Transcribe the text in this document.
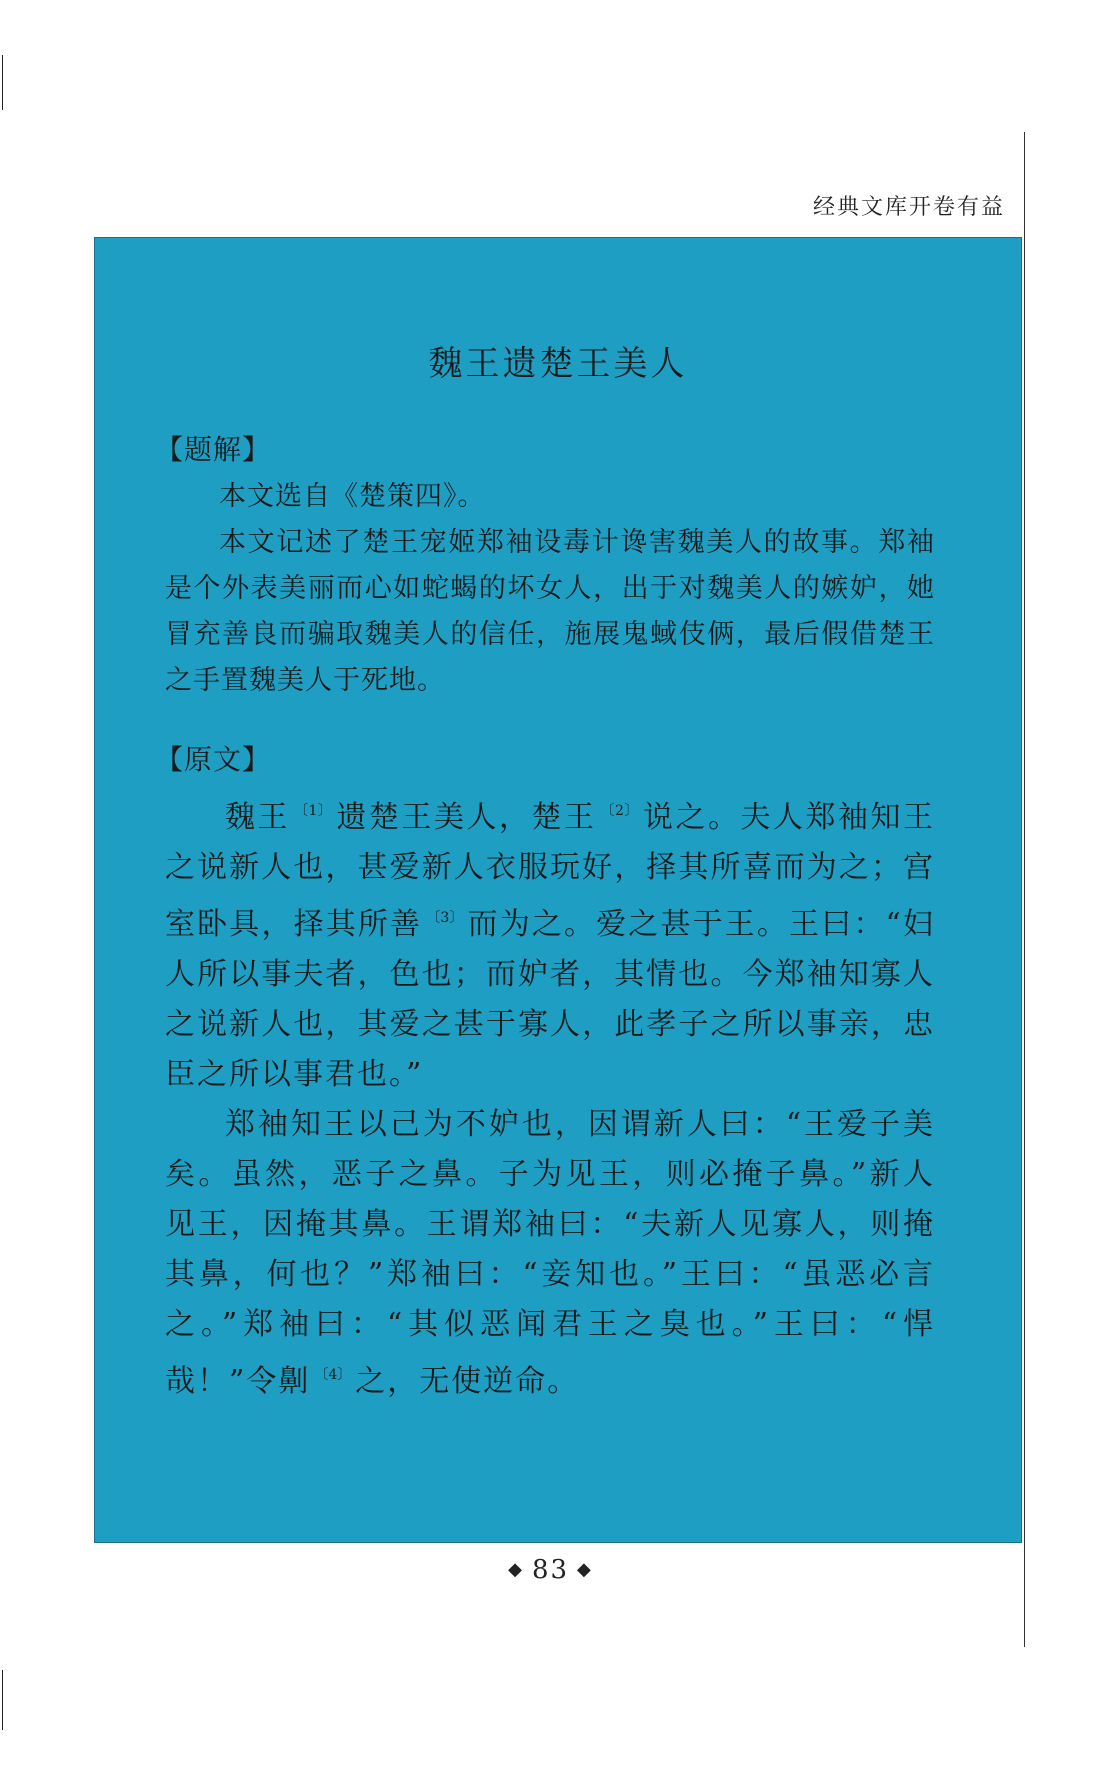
经典文库开卷有益
魏王遗楚王美人
【题解】

本文选自《楚策四》。

本文记述了楚王宠姬郑袖设毒计谗害魏美人的故事。郑袖是个外表美丽而心如蛇蝎的坏女人，出于对魏美人的嫉妒，她冒充善良而骗取魏美人的信任，施展鬼蜮伎俩，最后假借楚王之手置魏美人于死地。

【原文】

魏王 $^{〔1〕}$ 遗楚王美人，楚王 $^{〔2〕}$ 说之。夫人郑袖知王之说新人也，甚爱新人衣服玩好，择其所喜而为之；宫室卧具，择其所善 $^{〔3〕}$ 而为之。爱之甚于王。王曰：“妇人所以事夫者，色也；而妒者，其情也。今郑袖知寡人之说新人也，其爱之甚于寡人，此孝子之所以事亲，忠臣之所以事君也。”

郑袖知王以己为不妒也，因谓新人曰：“王爱子美矣。虽然，恶子之鼻。子为见王，则必掩子鼻。”新人见王，因掩其鼻。王谓郑袖曰：“夫新人见寡人，则掩其鼻，何也？”郑袖曰：“妾知也。”王曰：“虽恶必言之。”郑袖曰：“其似恶闻君王之臭也。”王曰：“悍哉！”令劓 $^{〔4〕}$ 之，无使逆命。

◆ 83 ◆
